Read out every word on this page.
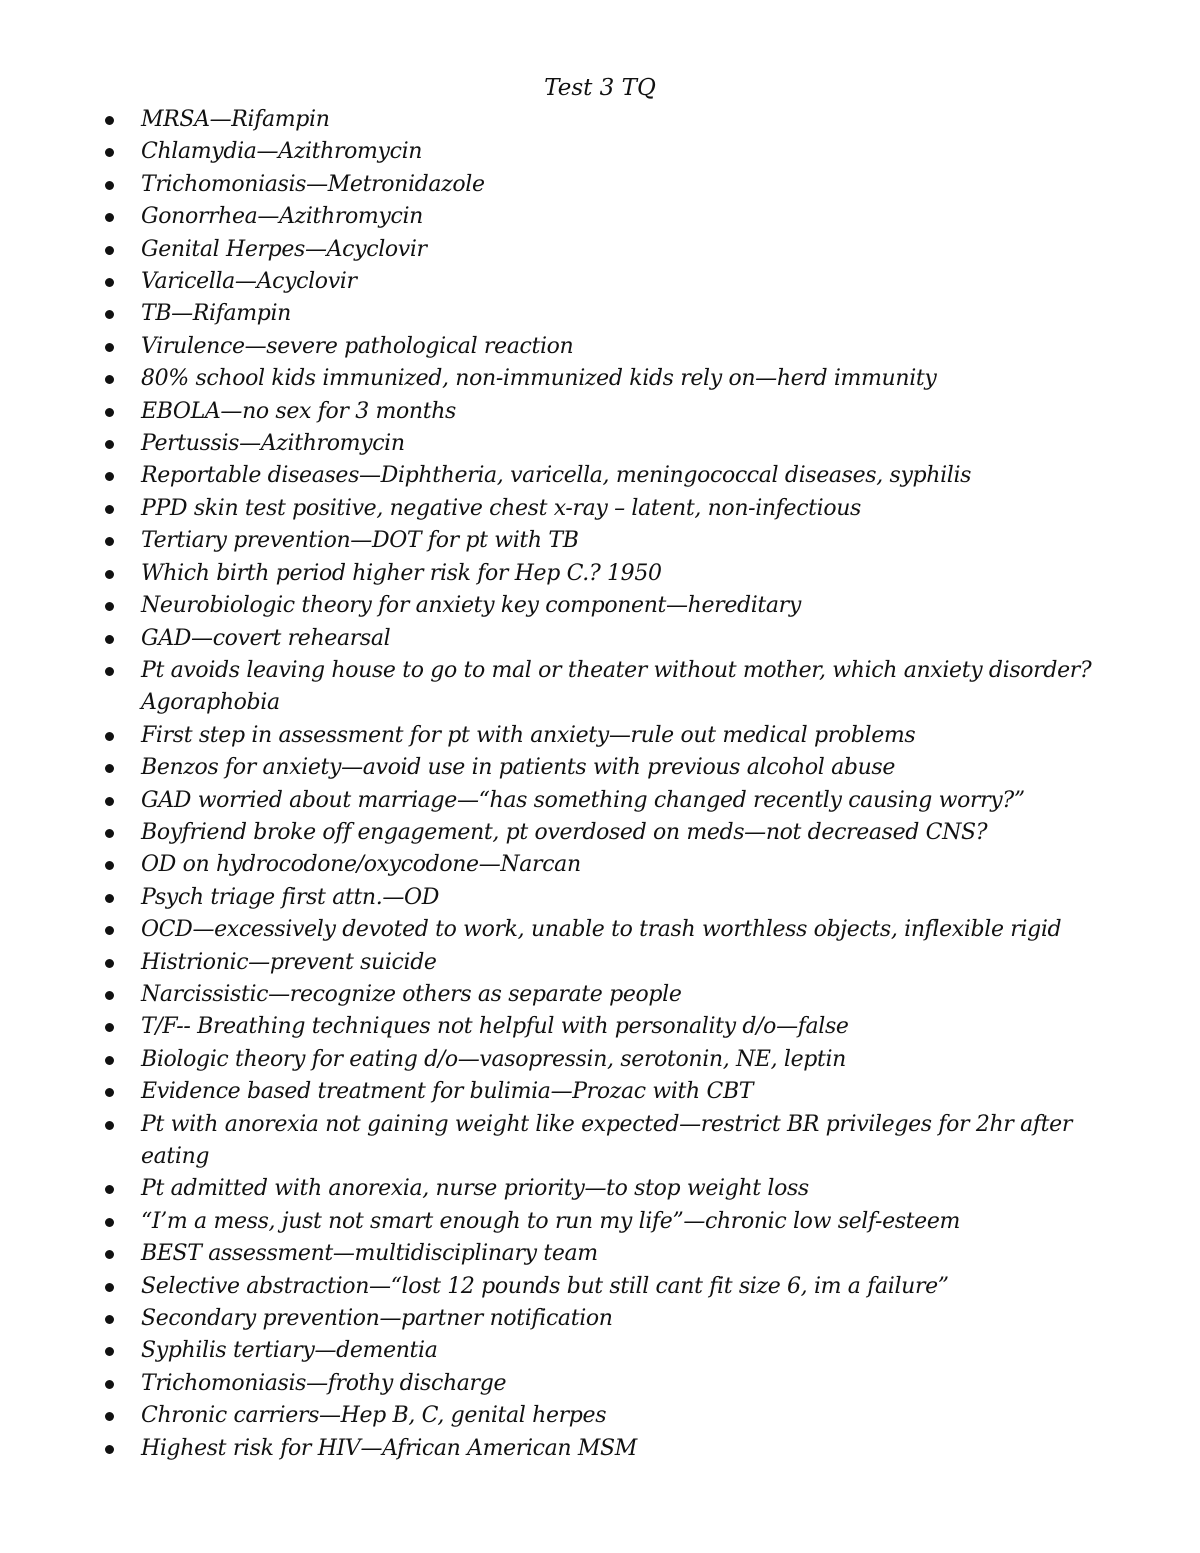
Test 3 TQ
MRSA—Rifampin
Chlamydia—Azithromycin
Trichomoniasis—Metronidazole
Gonorrhea—Azithromycin
Genital Herpes—Acyclovir
Varicella—Acyclovir
TB—Rifampin
Virulence—severe pathological reaction
80% school kids immunized, non-immunized kids rely on—herd immunity
EBOLA—no sex for 3 months
Pertussis—Azithromycin
Reportable diseases—Diphtheria, varicella, meningococcal diseases, syphilis
PPD skin test positive, negative chest x-ray – latent, non-infectious
Tertiary prevention—DOT for pt with TB
Which birth period higher risk for Hep C.? 1950
Neurobiologic theory for anxiety key component—hereditary
GAD—covert rehearsal
Pt avoids leaving house to go to mal or theater without mother, which anxiety disorder? Agoraphobia
First step in assessment for pt with anxiety—rule out medical problems
Benzos for anxiety—avoid use in patients with previous alcohol abuse
GAD worried about marriage—“has something changed recently causing worry?”
Boyfriend broke off engagement, pt overdosed on meds—not decreased CNS?
OD on hydrocodone/oxycodone—Narcan
Psych triage first attn.—OD
OCD—excessively devoted to work, unable to trash worthless objects, inflexible rigid
Histrionic—prevent suicide
Narcissistic—recognize others as separate people
T/F-- Breathing techniques not helpful with personality d/o—false
Biologic theory for eating d/o—vasopressin, serotonin, NE, leptin
Evidence based treatment for bulimia—Prozac with CBT
Pt with anorexia not gaining weight like expected—restrict BR privileges for 2hr after eating
Pt admitted with anorexia, nurse priority—to stop weight loss
“I’m a mess, just not smart enough to run my life”—chronic low self-esteem
BEST assessment—multidisciplinary team
Selective abstraction—“lost 12 pounds but still cant fit size 6, im a failure”
Secondary prevention—partner notification
Syphilis tertiary—dementia
Trichomoniasis—frothy discharge
Chronic carriers—Hep B, C, genital herpes
Highest risk for HIV—African American MSM
